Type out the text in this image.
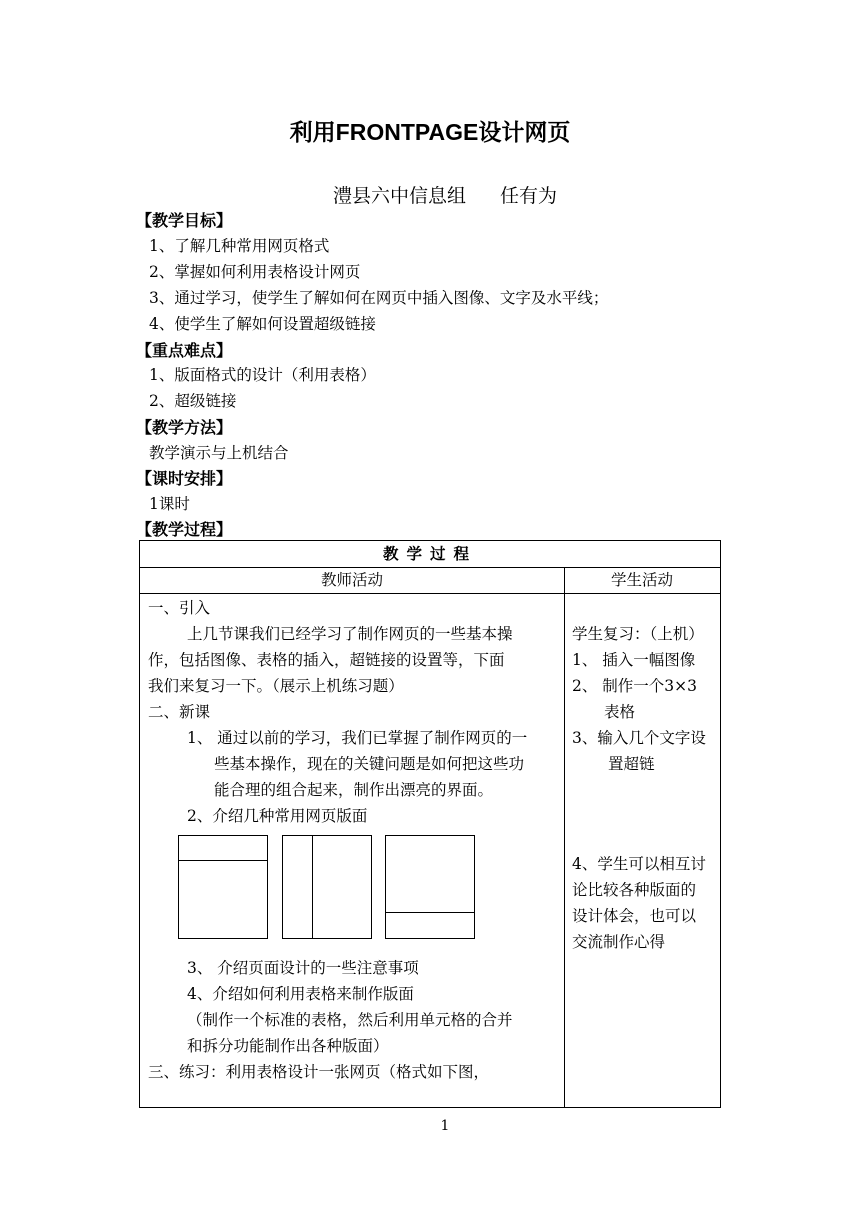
利用FRONTPAGE设计网页
澧县六中信息组 任有为
【教学目标】
1、了解几种常用网页格式
2、掌握如何利用表格设计网页
3、通过学习，使学生了解如何在网页中插入图像、文字及水平线；
4、使学生了解如何设置超级链接
【重点难点】
1、版面格式的设计（利用表格）
2、超级链接
【教学方法】
教学演示与上机结合
【课时安排】
1课时
【教学过程】
教学过程
教师活动	学生活动
一、引入
上几节课我们已经学习了制作网页的一些基本操
作，包括图像、表格的插入，超链接的设置等，下面
我们来复习一下。（展示上机练习题）
二、新课
1、 通过以前的学习，我们已掌握了制作网页的一
些基本操作，现在的关键问题是如何把这些功
能合理的组合起来，制作出漂亮的界面。
2、介绍几种常用网页版面
3、 介绍页面设计的一些注意事项
4、介绍如何利用表格来制作版面
（制作一个标准的表格，然后利用单元格的合并
和拆分功能制作出各种版面）
三、练习：利用表格设计一张网页（格式如下图，
学生复习：（上机）
1、 插入一幅图像
2、 制作一个3×3
表格
3、输入几个文字设
置超链
4、学生可以相互讨
论比较各种版面的
设计体会，也可以
交流制作心得
1
